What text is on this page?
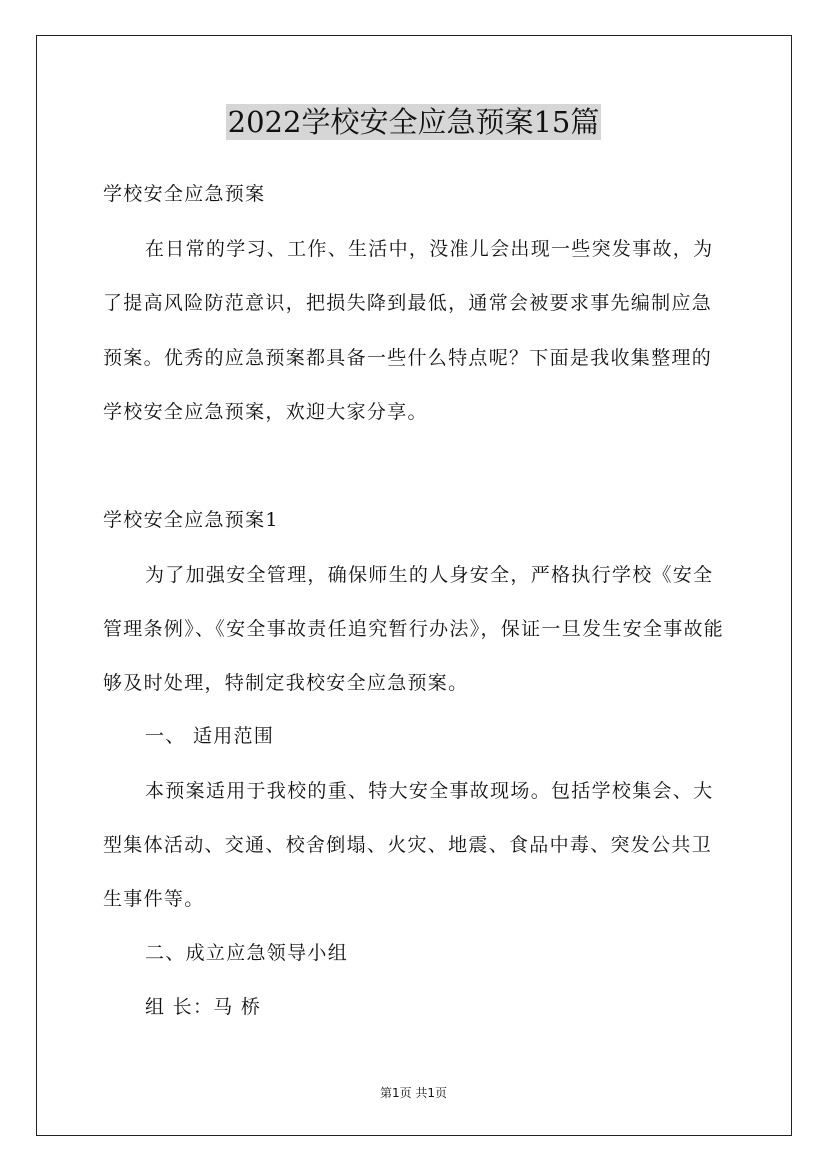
2022学校安全应急预案15篇
学校安全应急预案
在日常的学习、工作、生活中，没准儿会出现一些突发事故，为
了提高风险防范意识，把损失降到最低，通常会被要求事先编制应急
预案。优秀的应急预案都具备一些什么特点呢？下面是我收集整理的
学校安全应急预案，欢迎大家分享。
学校安全应急预案1
为了加强安全管理，确保师生的人身安全，严格执行学校《安全
管理条例》、《安全事故责任追究暂行办法》，保证一旦发生安全事故能
够及时处理，特制定我校安全应急预案。
一、 适用范围
本预案适用于我校的重、特大安全事故现场。包括学校集会、大
型集体活动、交通、校舍倒塌、火灾、地震、食品中毒、突发公共卫
生事件等。
二、成立应急领导小组
组 长：马 桥
第1页 共1页
